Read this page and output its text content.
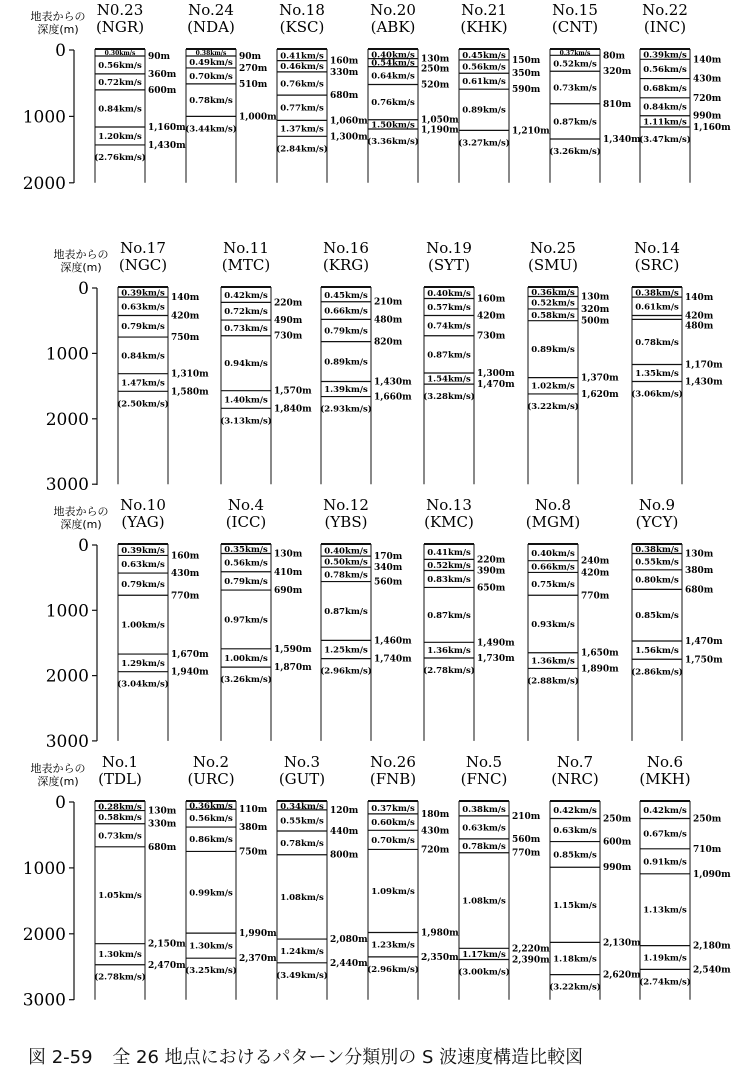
地表からの
深度(m)
0
1000
2000
N0.23
(NGR)
0.30km/s
0.56km/s
0.72km/s
0.84km/s
1.20km/s
(2.76km/s)
90m
360m
600m
1,160m
1,430m
No.24
(NDA)
0.38km/s
0.49km/s
0.70km/s
0.78km/s
(3.44km/s)
90m
270m
510m
1,000m
No.18
(KSC)
0.41km/s
0.46km/s
0.76km/s
0.77km/s
1.37km/s
(2.84km/s)
160m
330m
680m
1,060m
1,300m
No.20
(ABK)
0.40km/s
0.54km/s
0.64km/s
0.76km/s
1.50km/s
(3.36km/s)
130m
250m
520m
1,050m
1,190m
No.21
(KHK)
0.45km/s
0.56km/s
0.61km/s
0.89km/s
(3.27km/s)
150m
350m
590m
1,210m
No.15
(CNT)
0.37km/s
0.52km/s
0.73km/s
0.87km/s
(3.26km/s)
80m
320m
810m
1,340m
No.22
(INC)
0.39km/s
0.56km/s
0.68km/s
0.84km/s
1.11km/s
(3.47km/s)
140m
430m
720m
990m
1,160m
地表からの
深度(m)
0
1000
2000
3000
No.17
(NGC)
0.39km/s
0.63km/s
0.79km/s
0.84km/s
1.47km/s
(2.50km/s)
140m
420m
750m
1,310m
1,580m
No.11
(MTC)
0.42km/s
0.72km/s
0.73km/s
0.94km/s
1.40km/s
(3.13km/s)
220m
490m
730m
1,570m
1,840m
No.16
(KRG)
0.45km/s
0.66km/s
0.79km/s
0.89km/s
1.39km/s
(2.93km/s)
210m
480m
820m
1,430m
1,660m
No.19
(SYT)
0.40km/s
0.57km/s
0.74km/s
0.87km/s
1.54km/s
(3.28km/s)
160m
420m
730m
1,300m
1,470m
No.25
(SMU)
0.36km/s
0.52km/s
0.58km/s
0.89km/s
1.02km/s
(3.22km/s)
130m
320m
500m
1,370m
1,620m
No.14
(SRC)
0.38km/s
0.61km/s
0.78km/s
1.35km/s
(3.06km/s)
140m
420m
480m
1,170m
1,430m
地表からの
深度(m)
0
1000
2000
3000
No.10
(YAG)
0.39km/s
0.63km/s
0.79km/s
1.00km/s
1.29km/s
(3.04km/s)
160m
430m
770m
1,670m
1,940m
No.4
(ICC)
0.35km/s
0.56km/s
0.79km/s
0.97km/s
1.00km/s
(3.26km/s)
130m
410m
690m
1,590m
1,870m
No.12
(YBS)
0.40km/s
0.50km/s
0.78km/s
0.87km/s
1.25km/s
(2.96km/s)
170m
340m
560m
1,460m
1,740m
No.13
(KMC)
0.41km/s
0.52km/s
0.83km/s
0.87km/s
1.36km/s
(2.78km/s)
220m
390m
650m
1,490m
1,730m
No.8
(MGM)
0.40km/s
0.66km/s
0.75km/s
0.93km/s
1.36km/s
(2.88km/s)
240m
420m
770m
1,650m
1,890m
No.9
(YCY)
0.38km/s
0.55km/s
0.80km/s
0.85km/s
1.56km/s
(2.86km/s)
130m
380m
680m
1,470m
1,750m
地表からの
深度(m)
0
1000
2000
3000
No.1
(TDL)
0.28km/s
0.58km/s
0.73km/s
1.05km/s
1.30km/s
(2.78km/s)
130m
330m
680m
2,150m
2,470m
No.2
(URC)
0.36km/s
0.56km/s
0.86km/s
0.99km/s
1.30km/s
(3.25km/s)
110m
380m
750m
1,990m
2,370m
No.3
(GUT)
0.34km/s
0.55km/s
0.78km/s
1.08km/s
1.24km/s
(3.49km/s)
120m
440m
800m
2,080m
2,440m
No.26
(FNB)
0.37km/s
0.60km/s
0.70km/s
1.09km/s
1.23km/s
(2.96km/s)
180m
430m
720m
1,980m
2,350m
No.5
(FNC)
0.38km/s
0.63km/s
0.78km/s
1.08km/s
1.17km/s
(3.00km/s)
210m
560m
770m
2,220m
2,390m
No.7
(NRC)
0.42km/s
0.63km/s
0.85km/s
1.15km/s
1.18km/s
(3.22km/s)
250m
600m
990m
2,130m
2,620m
No.6
(MKH)
0.42km/s
0.67km/s
0.91km/s
1.13km/s
1.19km/s
(2.74km/s)
250m
710m
1,090m
2,180m
2,540m
図 2-59 全 26 地点におけるパターン分類別の S 波速度構造比較図
